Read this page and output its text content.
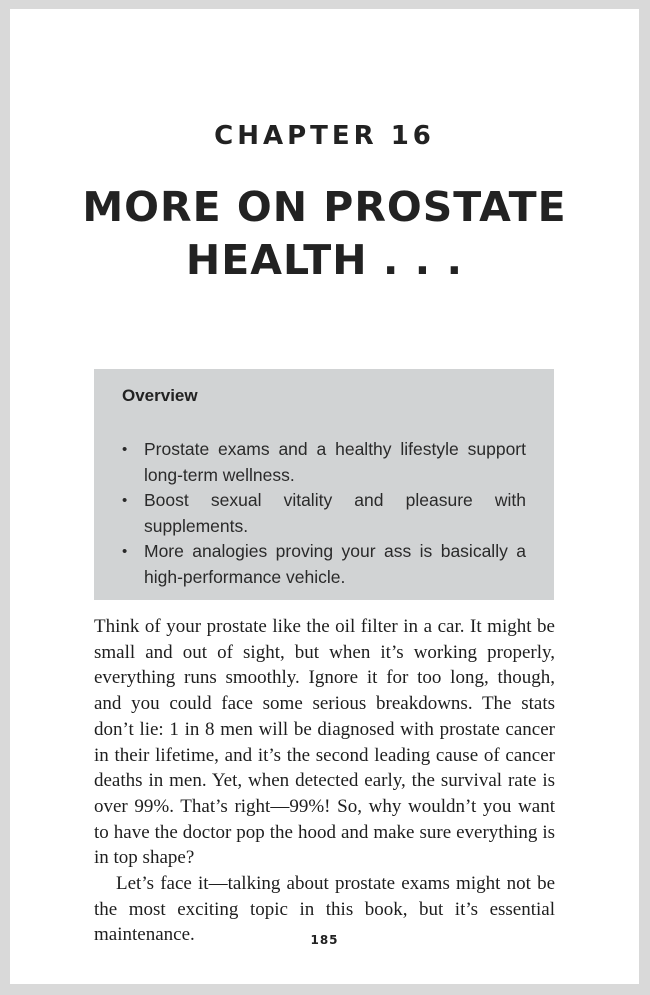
CHAPTER 16
MORE ON PROSTATE
HEALTH . . .

Overview

• Prostate exams and a healthy lifestyle support long-term wellness.
• Boost sexual vitality and pleasure with supplements.
• More analogies proving your ass is basically a high-performance vehicle.

Think of your prostate like the oil filter in a car. It might be small and out of sight, but when it’s working properly, everything runs smoothly. Ignore it for too long, though, and you could face some serious breakdowns. The stats don’t lie: 1 in 8 men will be diagnosed with prostate cancer in their lifetime, and it’s the second leading cause of cancer deaths in men. Yet, when detected early, the survival rate is over 99%. That’s right—99%! So, why wouldn’t you want to have the doctor pop the hood and make sure everything is in top shape?

Let’s face it—talking about prostate exams might not be the most exciting topic in this book, but it’s essential maintenance.	185
